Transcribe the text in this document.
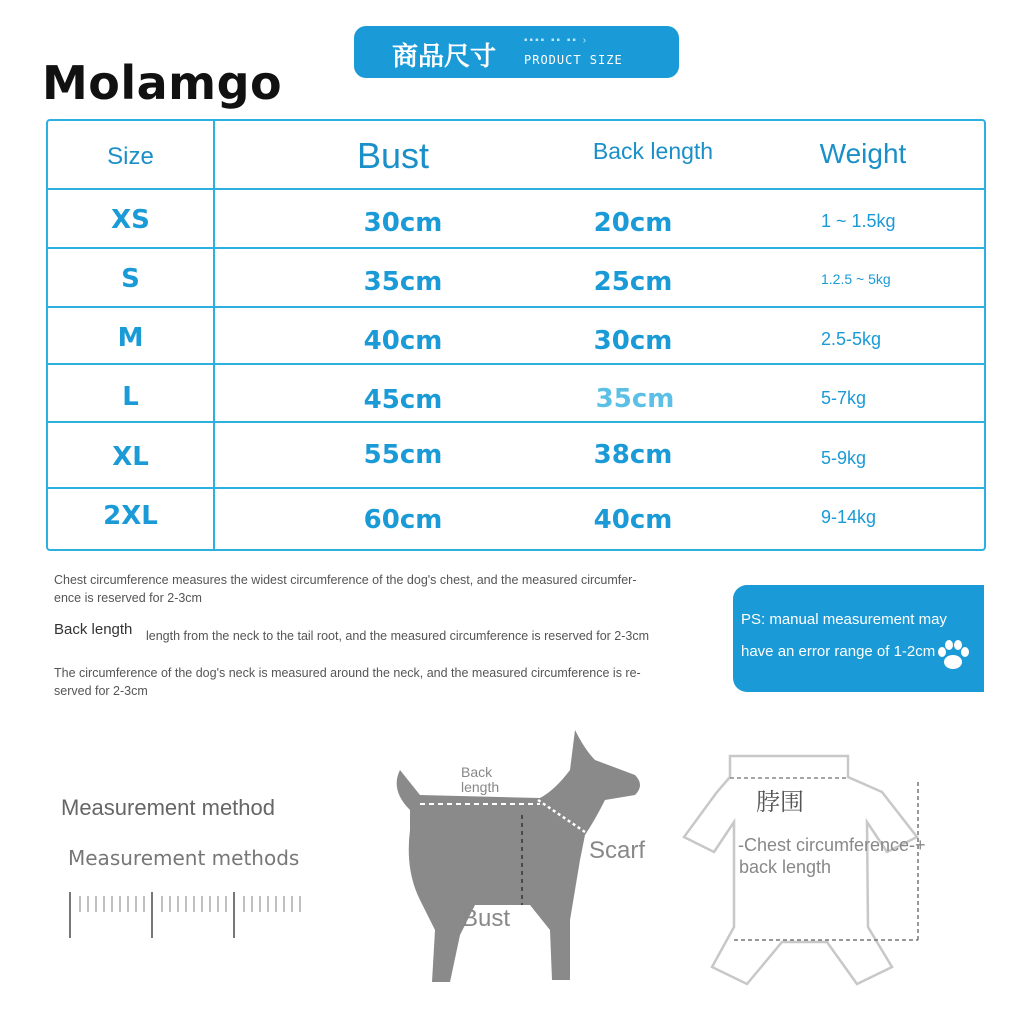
Molamgo
▪▪▪▪ ▪▪ ▪▪ ›
商品尺寸 PRODUCT SIZE
Size	Bust	Back length	Weight
XS	30cm	20cm	1 ~ 1.5kg
S	35cm	25cm	1.2.5 ~ 5kg
M	40cm	30cm	2.5-5kg
L	45cm	35cm	5-7kg
XL	55cm	38cm	5-9kg
2XL	60cm	40cm	9-14kg
Chest circumference measures the widest circumference of the dog's chest, and the measured circumfer-
ence is reserved for 2-3cm
Back length length from the neck to the tail root, and the measured circumference is reserved for 2-3cm
The circumference of the dog's neck is measured around the neck, and the measured circumference is re-
served for 2-3cm
PS: manual measurement may
have an error range of 1-2cm
Measurement method
Measurement methods
Back length
Scarf
Bust
脖围
-Chest circumference-+
back length
